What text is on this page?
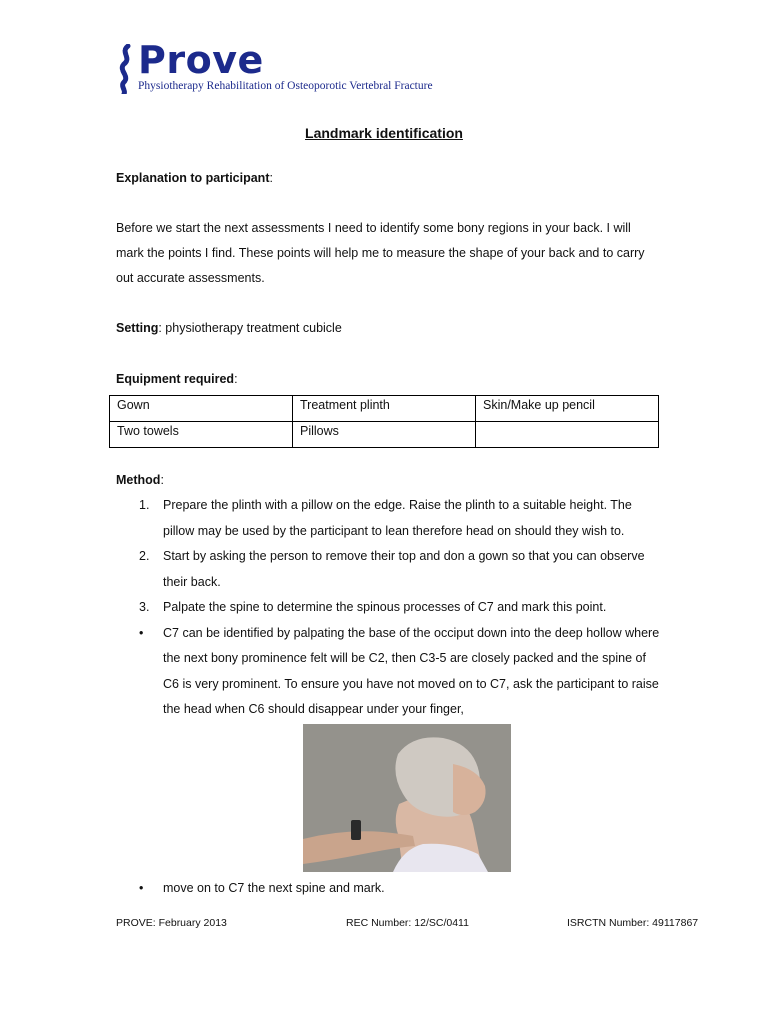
Prove
Physiotherapy Rehabilitation of Osteoporotic Vertebral Fracture
Landmark identification

Explanation to participant:

Before we start the next assessments I need to identify some bony regions in your back. I will mark the points I find. These points will help me to measure the shape of your back and to carry out accurate assessments.

Setting: physiotherapy treatment cubicle

Equipment required:

Gown	Treatment plinth	Skin/Make up pencil
Two towels	Pillows	

Method:

1. Prepare the plinth with a pillow on the edge. Raise the plinth to a suitable height. The pillow may be used by the participant to lean therefore head on should they wish to.
2. Start by asking the person to remove their top and don a gown so that you can observe their back.
3. Palpate the spine to determine the spinous processes of C7 and mark this point.
• C7 can be identified by palpating the base of the occiput down into the deep hollow where the next bony prominence felt will be C2, then C3-5 are closely packed and the spine of C6 is very prominent. To ensure you have not moved on to C7, ask the participant to raise the head when C6 should disappear under your finger,
• move on to C7 the next spine and mark.
PROVE: February 2013	REC Number: 12/SC/0411	ISRCTN Number: 49117867
